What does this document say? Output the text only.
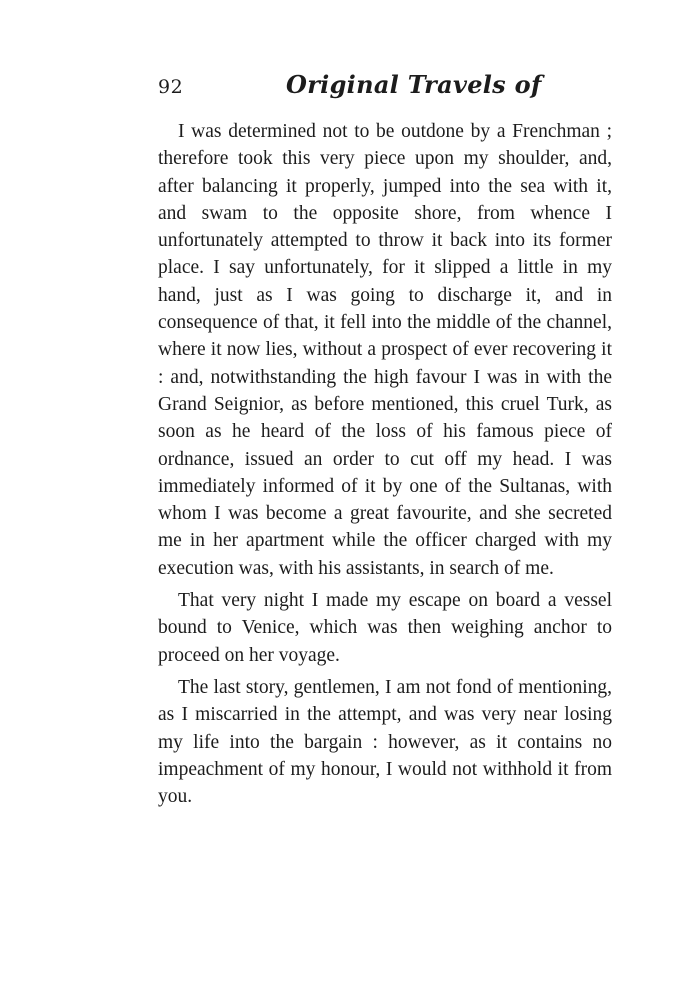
92	Original Travels of

I was determined not to be outdone by a Frenchman ; therefore took this very piece upon my shoulder, and, after balancing it properly, jumped into the sea with it, and swam to the opposite shore, from whence I unfortunately attempted to throw it back into its former place. I say unfortunately, for it slipped a little in my hand, just as I was going to discharge it, and in consequence of that, it fell into the middle of the channel, where it now lies, without a prospect of ever recovering it : and, notwithstanding the high favour I was in with the Grand Seignior, as before mentioned, this cruel Turk, as soon as he heard of the loss of his famous piece of ordnance, issued an order to cut off my head. I was immediately informed of it by one of the Sultanas, with whom I was become a great favourite, and she secreted me in her apartment while the officer charged with my execution was, with his assistants, in search of me.

That very night I made my escape on board a vessel bound to Venice, which was then weighing anchor to proceed on her voyage.

The last story, gentlemen, I am not fond of mentioning, as I miscarried in the attempt, and was very near losing my life into the bargain : however, as it contains no impeachment of my honour, I would not withhold it from you.
